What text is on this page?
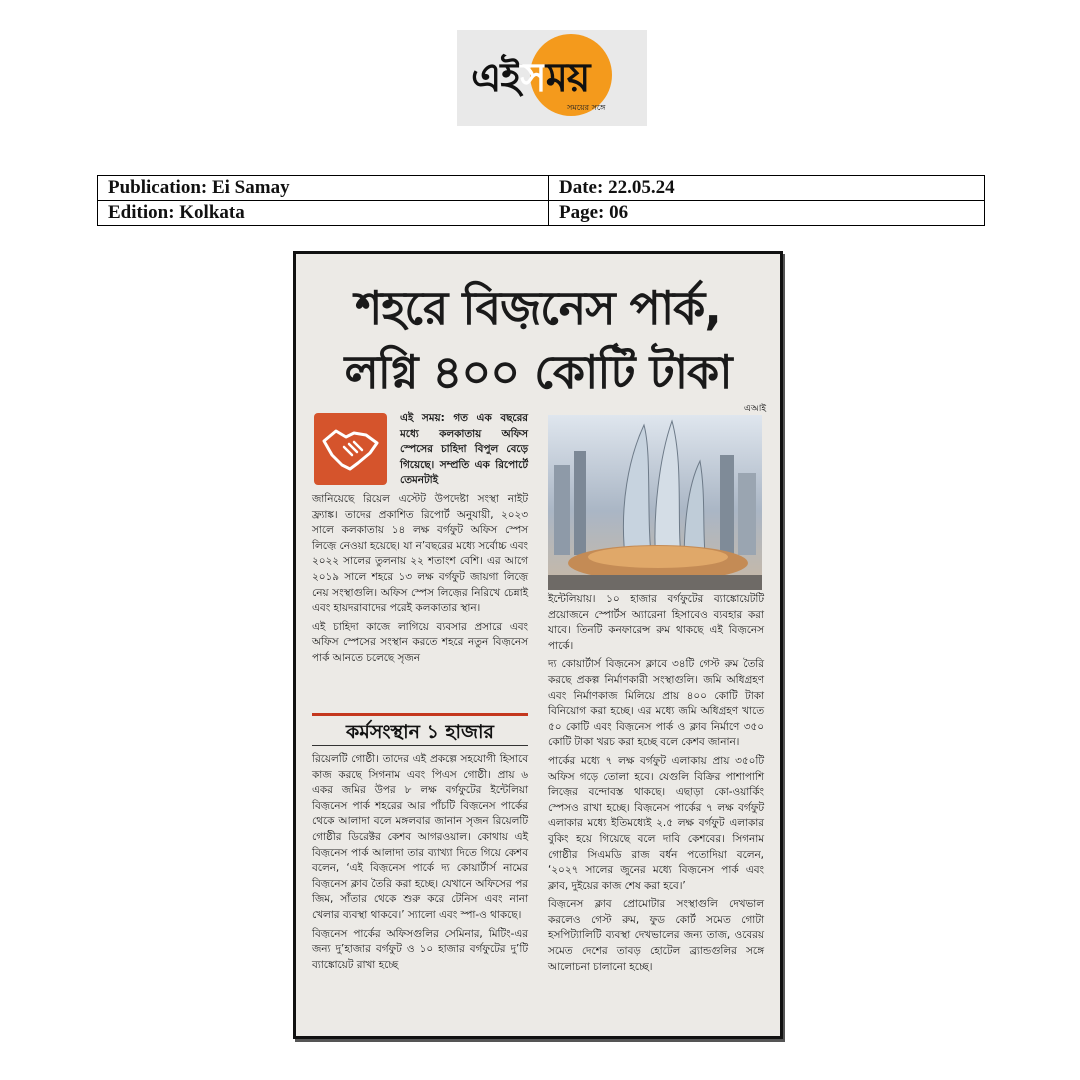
এইসময়
সময়ের সঙ্গে
Publication: Ei Samay	Date: 22.05.24
Edition: Kolkata	Page: 06
শহরে বিজ়নেস পার্ক,
লগ্নি ৪০০ কোটি টাকা
এআই
এই সময়: গত এক বছরের মধ্যে কলকাতায় অফিস স্পেসের চাহিদা বিপুল বেড়ে গিয়েছে। সম্প্রতি এক রিপোর্টে তেমনটাই

জানিয়েছে রিয়েল এস্টেট উপদেষ্টা সংস্থা নাইট ফ্র্যাঙ্ক। তাদের প্রকাশিত রিপোর্ট অনুযায়ী, ২০২৩ সালে কলকাতায় ১৪ লক্ষ বর্গফুট অফিস স্পেস লিজ়ে নেওয়া হয়েছে। যা ন’বছরের মধ্যে সর্বোচ্চ এবং ২০২২ সালের তুলনায় ২২ শতাংশ বেশি। এর আগে ২০১৯ সালে শহরে ১৩ লক্ষ বর্গফুট জায়গা লিজ়ে নেয় সংস্থাগুলি। অফিস স্পেস লিজ়ের নিরিখে চেন্নাই এবং হায়দরাবাদের পরেই কলকাতার স্থান।

এই চাহিদা কাজে লাগিয়ে ব্যবসার প্রসারে এবং অফিস স্পেসের সংস্থান করতে শহরে নতুন বিজ়নেস পার্ক আনতে চলেছে সৃজন

কর্মসংস্থান ১ হাজার

রিয়েলটি গোষ্ঠী। তাদের এই প্রকল্পে সহযোগী হিসাবে কাজ করছে সিগনাম এবং পিএস গোষ্ঠী। প্রায় ৬ একর জমির উপর ৮ লক্ষ বর্গফুটের ইন্টেলিয়া বিজ়নেস পার্ক শহরের আর পাঁচটি বিজ়নেস পার্কের থেকে আলাদা বলে মঙ্গলবার জানান সৃজন রিয়েলটি গোষ্ঠীর ডিরেক্টর কেশব আগরওয়াল। কোথায় এই বিজ়নেস পার্ক আলাদা তার ব্যাখ্যা দিতে গিয়ে কেশব বলেন, ‘এই বিজ়নেস পার্কে দ্য কোয়ার্টার্স নামের বিজ়নেস ক্লাব তৈরি করা হচ্ছে। যেখানে অফিসের পর জিম, সাঁতার থেকে শুরু করে টেনিস এবং নানা খেলার ব্যবস্থা থাকবে।’ স্যালো এবং স্পা-ও থাকছে।

বিজ়নেস পার্কের অফিসগুলির সেমিনার, মিটিং-এর জন্য দু’হাজার বর্গফুট ও ১০ হাজার বর্গফুটের দু’টি ব্যাঙ্কোয়েট রাখা হচ্ছে

ইন্টেলিয়ায়। ১০ হাজার বর্গফুটের ব্যাঙ্কোয়েটটি প্রয়োজনে স্পোর্টস অ্যারেনা হিসাবেও ব্যবহার করা যাবে। তিনটি কনফারেন্স রুম থাকছে এই বিজ়নেস পার্কে।

দ্য কোয়ার্টার্স বিজ়নেস ক্লাবে ৩৪টি গেস্ট রুম তৈরি করছে প্রকল্প নির্মাণকারী সংস্থাগুলি। জমি অধিগ্রহণ এবং নির্মাণকাজ মিলিয়ে প্রায় ৪০০ কোটি টাকা বিনিয়োগ করা হচ্ছে। এর মধ্যে জমি অধিগ্রহণ খাতে ৫০ কোটি এবং বিজ়নেস পার্ক ও ক্লাব নির্মাণে ৩৫০ কোটি টাকা খরচ করা হচ্ছে বলে কেশব জানান।

পার্কের মধ্যে ৭ লক্ষ বর্গফুট এলাকায় প্রায় ৩৫০টি অফিস গড়ে তোলা হবে। যেগুলি বিক্রির পাশাপাশি লিজ়ের বন্দোবস্ত থাকছে। এছাড়া কো-ওয়ার্কিং স্পেসও রাখা হচ্ছে। বিজ়নেস পার্কের ৭ লক্ষ বর্গফুট এলাকার মধ্যে ইতিমধ্যেই ২.৫ লক্ষ বর্গফুট এলাকার বুকিং হয়ে গিয়েছে বলে দাবি কেশবের। সিগনাম গোষ্ঠীর সিএমডি রাজ বর্ধন পতোদিয়া বলেন, ‘২০২৭ সালের জুনের মধ্যে বিজ়নেস পার্ক এবং ক্লাব, দুইয়ের কাজ শেষ করা হবে।’

বিজ়নেস ক্লাব প্রোমোটার সংস্থাগুলি দেখভাল করলেও গেস্ট রুম, ফুড কোর্ট সমেত গোটা হসপিট্যালিটি ব্যবস্থা দেখভালের জন্য তাজ, ওবেরয় সমেত দেশের তাবড় হোটেল ব্র্যান্ডগুলির সঙ্গে আলোচনা চালানো হচ্ছে।
